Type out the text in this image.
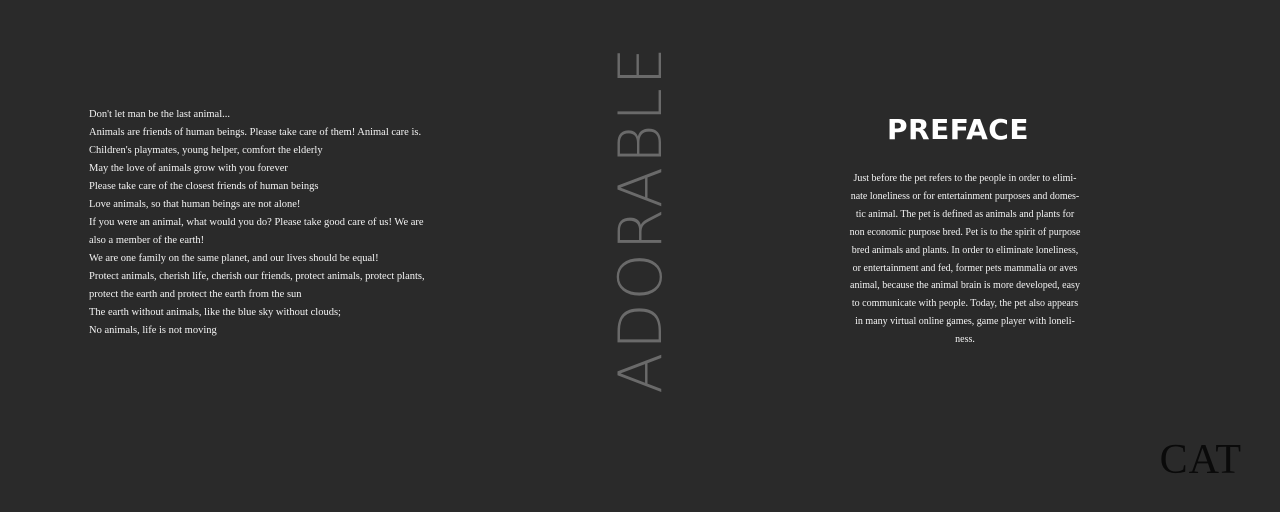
Don't let man be the last animal...
Animals are friends of human beings. Please take care of them! Animal care is.
Children's playmates, young helper, comfort the elderly
May the love of animals grow with you forever
Please take care of the closest friends of human beings
Love animals, so that human beings are not alone!
If you were an animal, what would you do? Please take good care of us! We are
also a member of the earth!
We are one family on the same planet, and our lives should be equal!
Protect animals, cherish life, cherish our friends, protect animals, protect plants,
protect the earth and protect the earth from the sun
The earth without animals, like the blue sky without clouds;
No animals, life is not moving	ADORABLE	PREFACE
Just before the pet refers to the people in order to elimi-
nate loneliness or for entertainment purposes and domes-
tic animal. The pet is defined as animals and plants for
non economic purpose bred. Pet is to the spirit of purpose
bred animals and plants. In order to eliminate loneliness,
or entertainment and fed, former pets mammalia or aves
animal, because the animal brain is more developed, easy
to communicate with people. Today, the pet also appears
in many virtual online games, game player with loneli-
ness.
CAT
